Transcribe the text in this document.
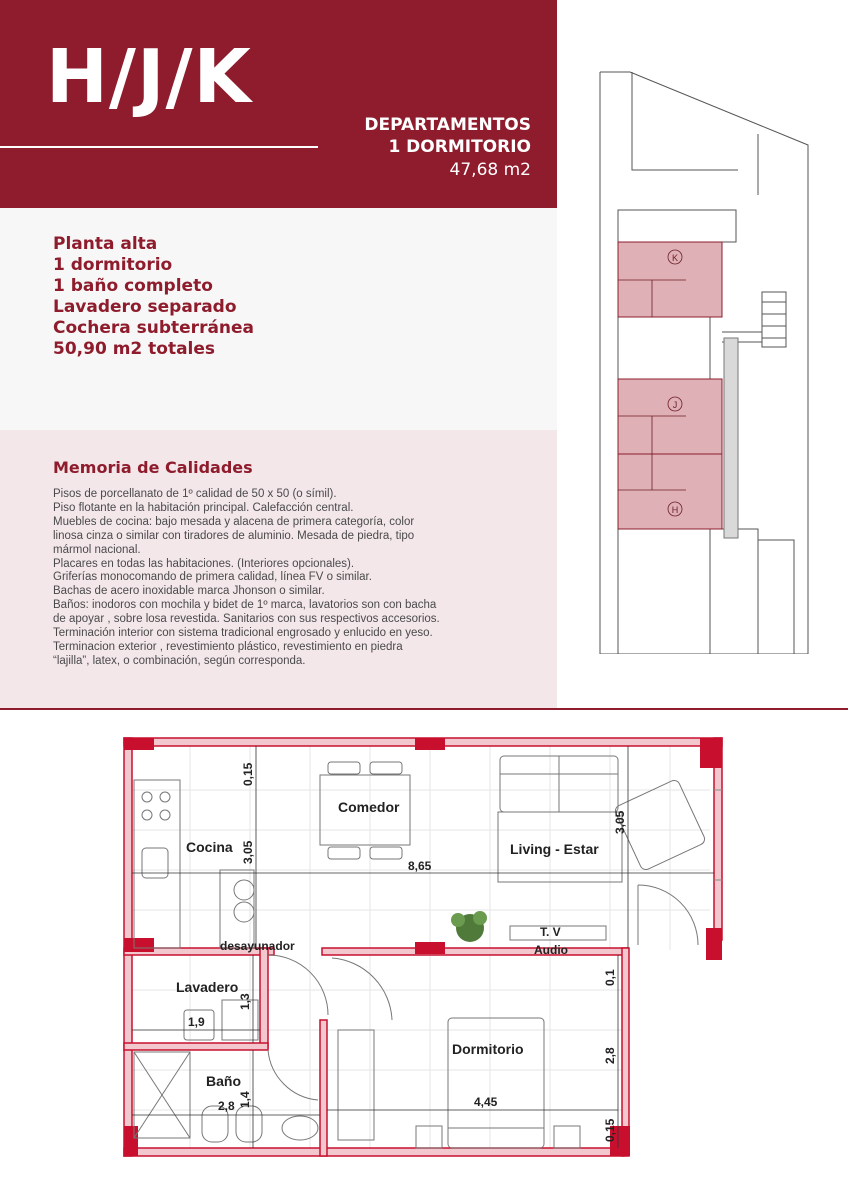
H/J/K
DEPARTAMENTOS
1 DORMITORIO
47,68 m2
Planta alta
1 dormitorio
1 baño completo
Lavadero separado
Cochera subterránea
50,90 m2 totales
Memoria de Calidades
Pisos de porcellanato de 1º calidad de 50 x 50 (o símil).
Piso flotante en la habitación principal. Calefacción central.
Muebles de cocina: bajo mesada y alacena de primera categoría, color
linosa cinza o similar con tiradores de aluminio. Mesada de piedra, tipo
mármol nacional.
Placares en todas las habitaciones. (Interiores opcionales).
Griferías monocomando de primera calidad, línea FV o similar.
Bachas de acero inoxidable marca Jhonson o similar.
Baños: inodoros con mochila y bidet de 1º marca, lavatorios son con bacha
de apoyar , sobre losa revestida. Sanitarios con sus respectivos accesorios.
Terminación interior con sistema tradicional engrosado y enlucido en yeso.
Terminacion exterior , revestimiento plástico, revestimiento en piedra
“lajilla”, latex, o combinación, según corresponda.
K
J
H
Comedor
Cocina	Living - Estar
desayunador
T. V
Audio
Lavadero
Dormitorio
Baño
0,15
3,05
8,65
3,05
0,1
1,3
1,9
2,8
4,45
2,8 1,4
0,15
